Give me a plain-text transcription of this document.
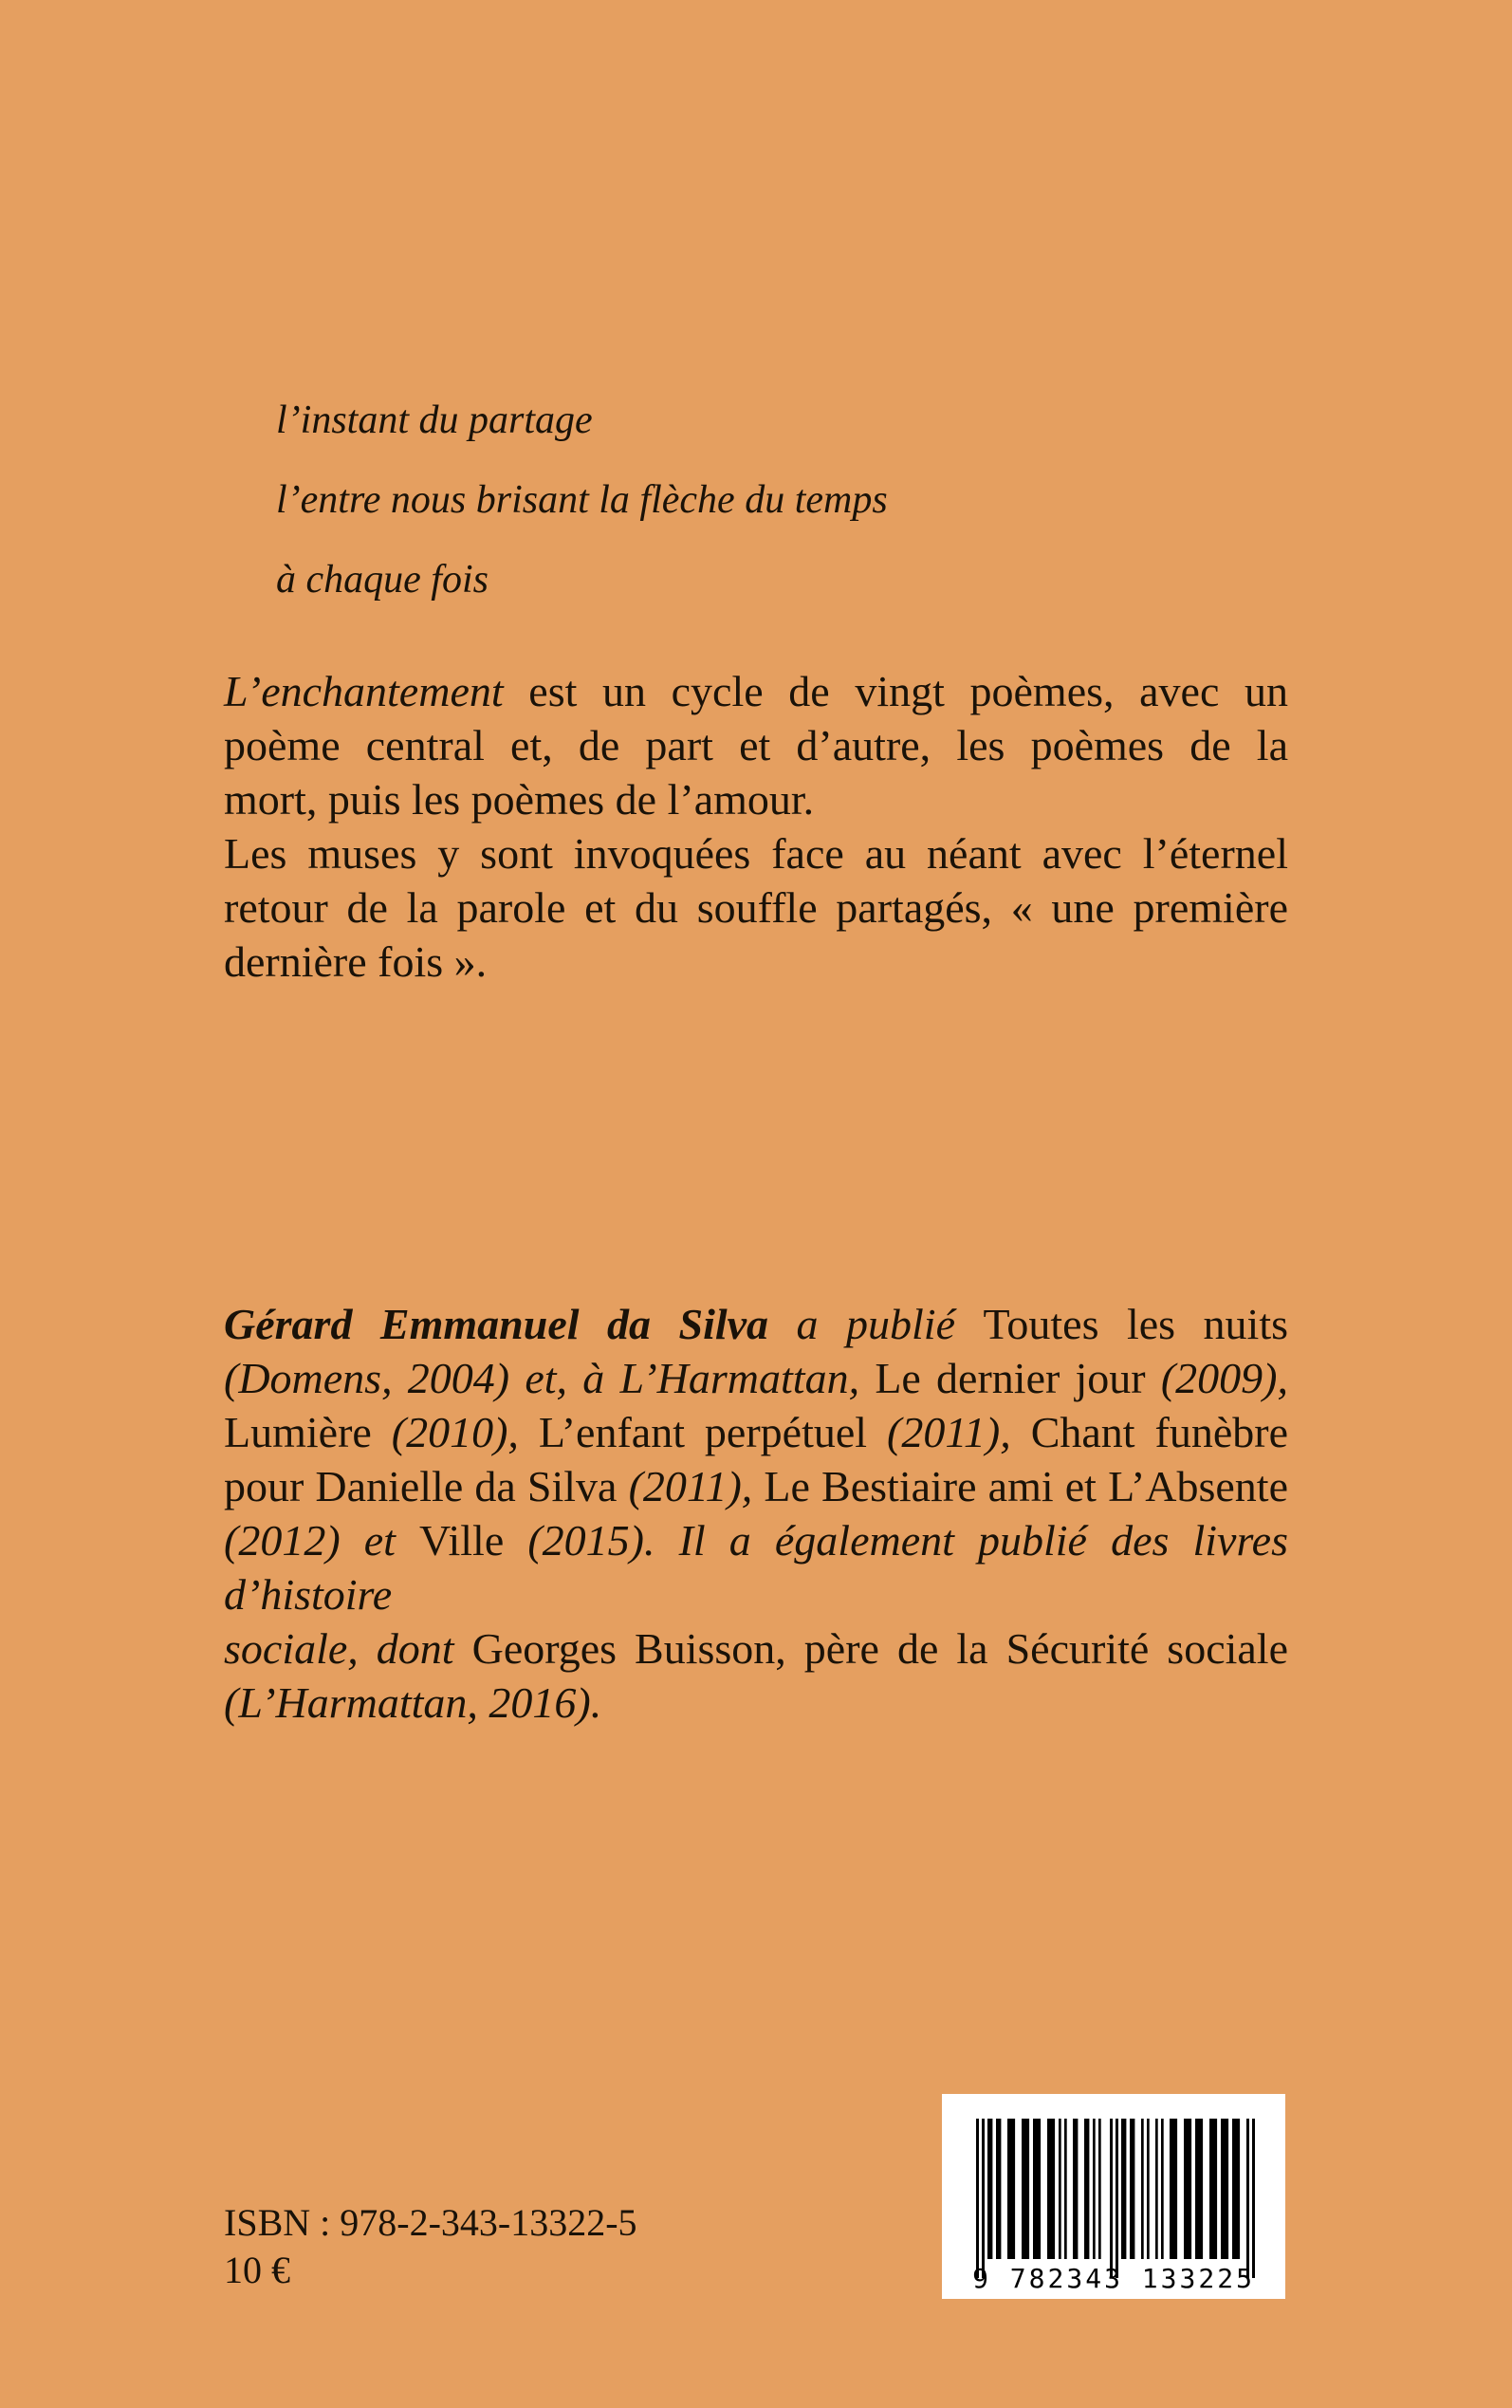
l’instant du partage
l’entre nous brisant la flèche du temps
à chaque fois
L’enchantement est un cycle de vingt poèmes, avec un
poème central et, de part et d’autre, les poèmes de la
mort, puis les poèmes de l’amour.
Les muses y sont invoquées face au néant avec l’éternel
retour de la parole et du souffle partagés, « une première
dernière fois ».
Gérard Emmanuel da Silva a publié Toutes les nuits
(Domens, 2004) et, à L’Harmattan, Le dernier jour (2009),
Lumière (2010), L’enfant perpétuel (2011), Chant funèbre
pour Danielle da Silva (2011), Le Bestiaire ami et L’Absente
(2012) et Ville (2015). Il a également publié des livres d’histoire
sociale, dont Georges Buisson, père de la Sécurité sociale
(L’Harmattan, 2016).
ISBN : 978-2-343-13322-5
10 €	9 782343 133225
